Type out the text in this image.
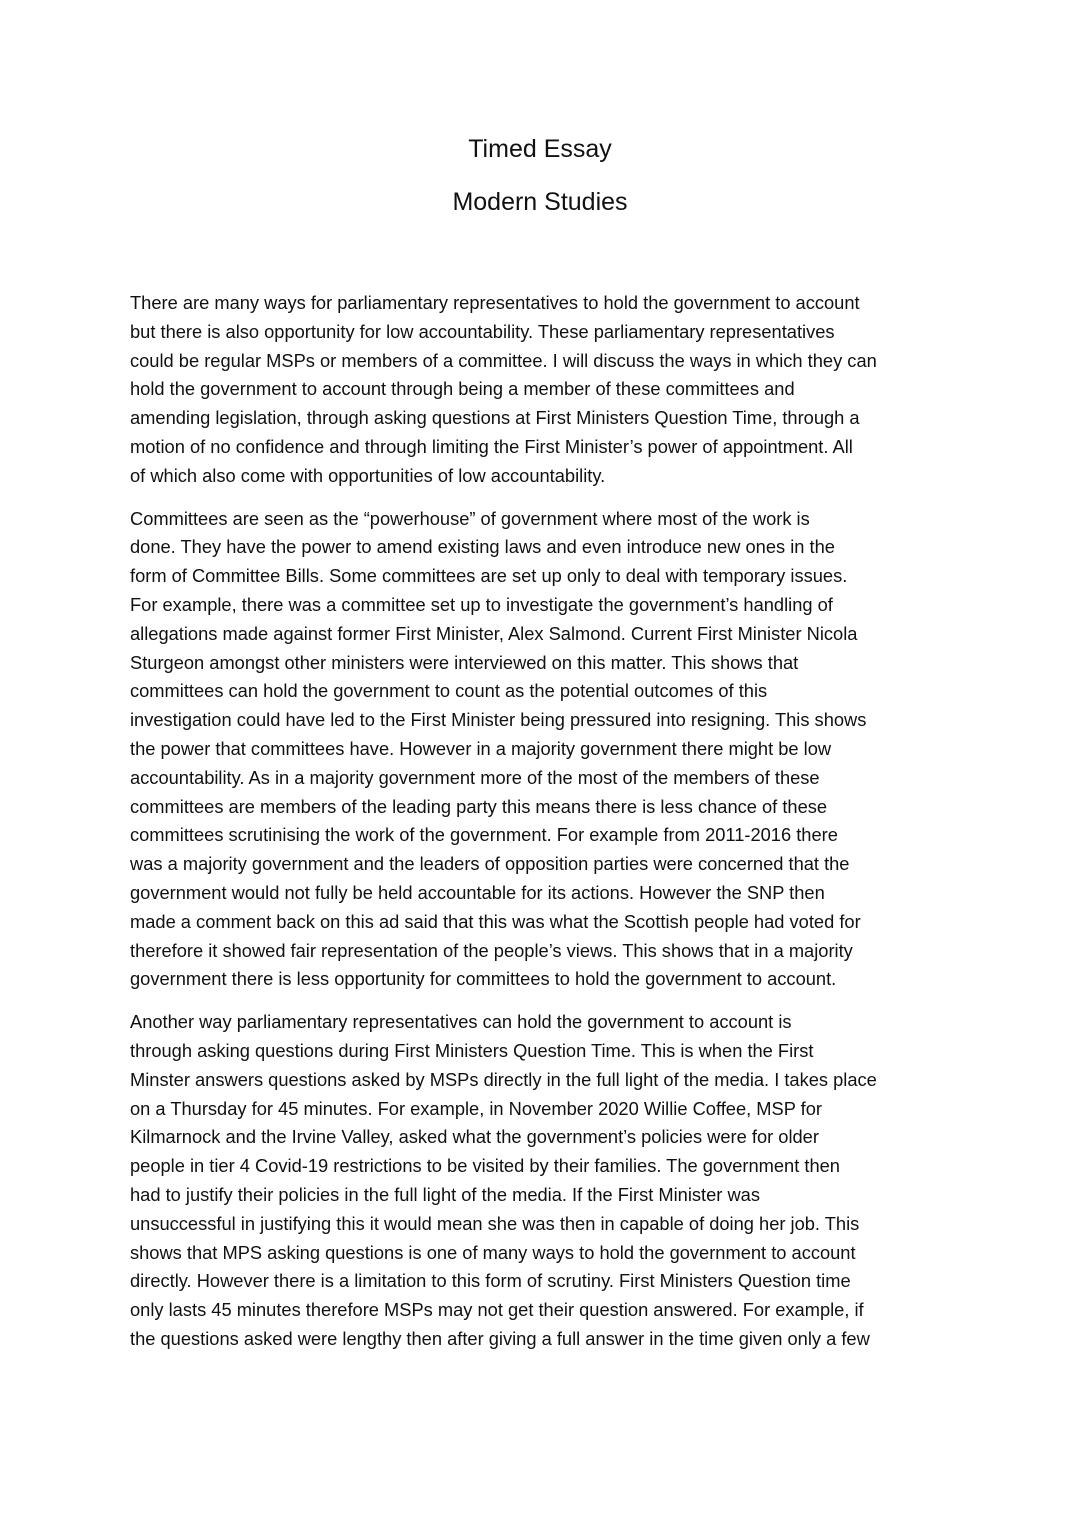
Timed Essay
Modern Studies

There are many ways for parliamentary representatives to hold the government to account
but there is also opportunity for low accountability. These parliamentary representatives
could be regular MSPs or members of a committee. I will discuss the ways in which they can
hold the government to account through being a member of these committees and
amending legislation, through asking questions at First Ministers Question Time, through a
motion of no confidence and through limiting the First Minister’s power of appointment. All
of which also come with opportunities of low accountability.

Committees are seen as the “powerhouse” of government where most of the work is
done. They have the power to amend existing laws and even introduce new ones in the
form of Committee Bills. Some committees are set up only to deal with temporary issues.
For example, there was a committee set up to investigate the government’s handling of
allegations made against former First Minister, Alex Salmond. Current First Minister Nicola
Sturgeon amongst other ministers were interviewed on this matter. This shows that
committees can hold the government to count as the potential outcomes of this
investigation could have led to the First Minister being pressured into resigning. This shows
the power that committees have. However in a majority government there might be low
accountability. As in a majority government more of the most of the members of these
committees are members of the leading party this means there is less chance of these
committees scrutinising the work of the government. For example from 2011-2016 there
was a majority government and the leaders of opposition parties were concerned that the
government would not fully be held accountable for its actions. However the SNP then
made a comment back on this ad said that this was what the Scottish people had voted for
therefore it showed fair representation of the people’s views. This shows that in a majority
government there is less opportunity for committees to hold the government to account.

Another way parliamentary representatives can hold the government to account is
through asking questions during First Ministers Question Time. This is when the First
Minster answers questions asked by MSPs directly in the full light of the media. I takes place
on a Thursday for 45 minutes. For example, in November 2020 Willie Coffee, MSP for
Kilmarnock and the Irvine Valley, asked what the government’s policies were for older
people in tier 4 Covid-19 restrictions to be visited by their families. The government then
had to justify their policies in the full light of the media. If the First Minister was
unsuccessful in justifying this it would mean she was then in capable of doing her job. This
shows that MPS asking questions is one of many ways to hold the government to account
directly. However there is a limitation to this form of scrutiny. First Ministers Question time
only lasts 45 minutes therefore MSPs may not get their question answered. For example, if
the questions asked were lengthy then after giving a full answer in the time given only a few
